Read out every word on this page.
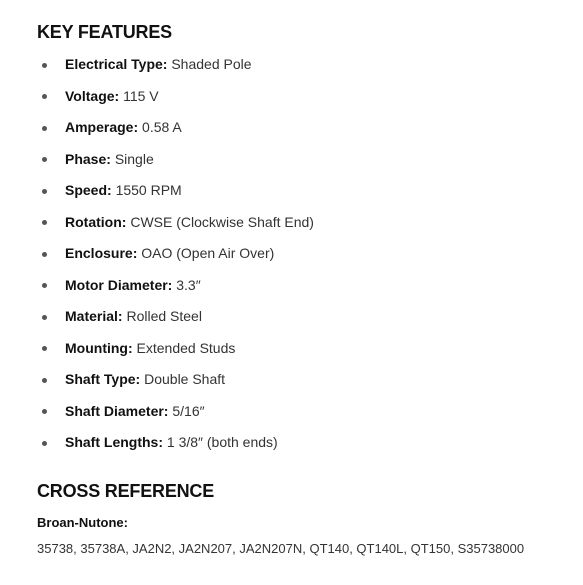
KEY FEATURES
Electrical Type: Shaded Pole
Voltage: 115 V
Amperage: 0.58 A
Phase: Single
Speed: 1550 RPM
Rotation: CWSE (Clockwise Shaft End)
Enclosure: OAO (Open Air Over)
Motor Diameter: 3.3″
Material: Rolled Steel
Mounting: Extended Studs
Shaft Type: Double Shaft
Shaft Diameter: 5/16″
Shaft Lengths: 1 3/8″ (both ends)
CROSS REFERENCE
Broan-Nutone:
35738, 35738A, JA2N2, JA2N207, JA2N207N, QT140, QT140L, QT150, S35738000
